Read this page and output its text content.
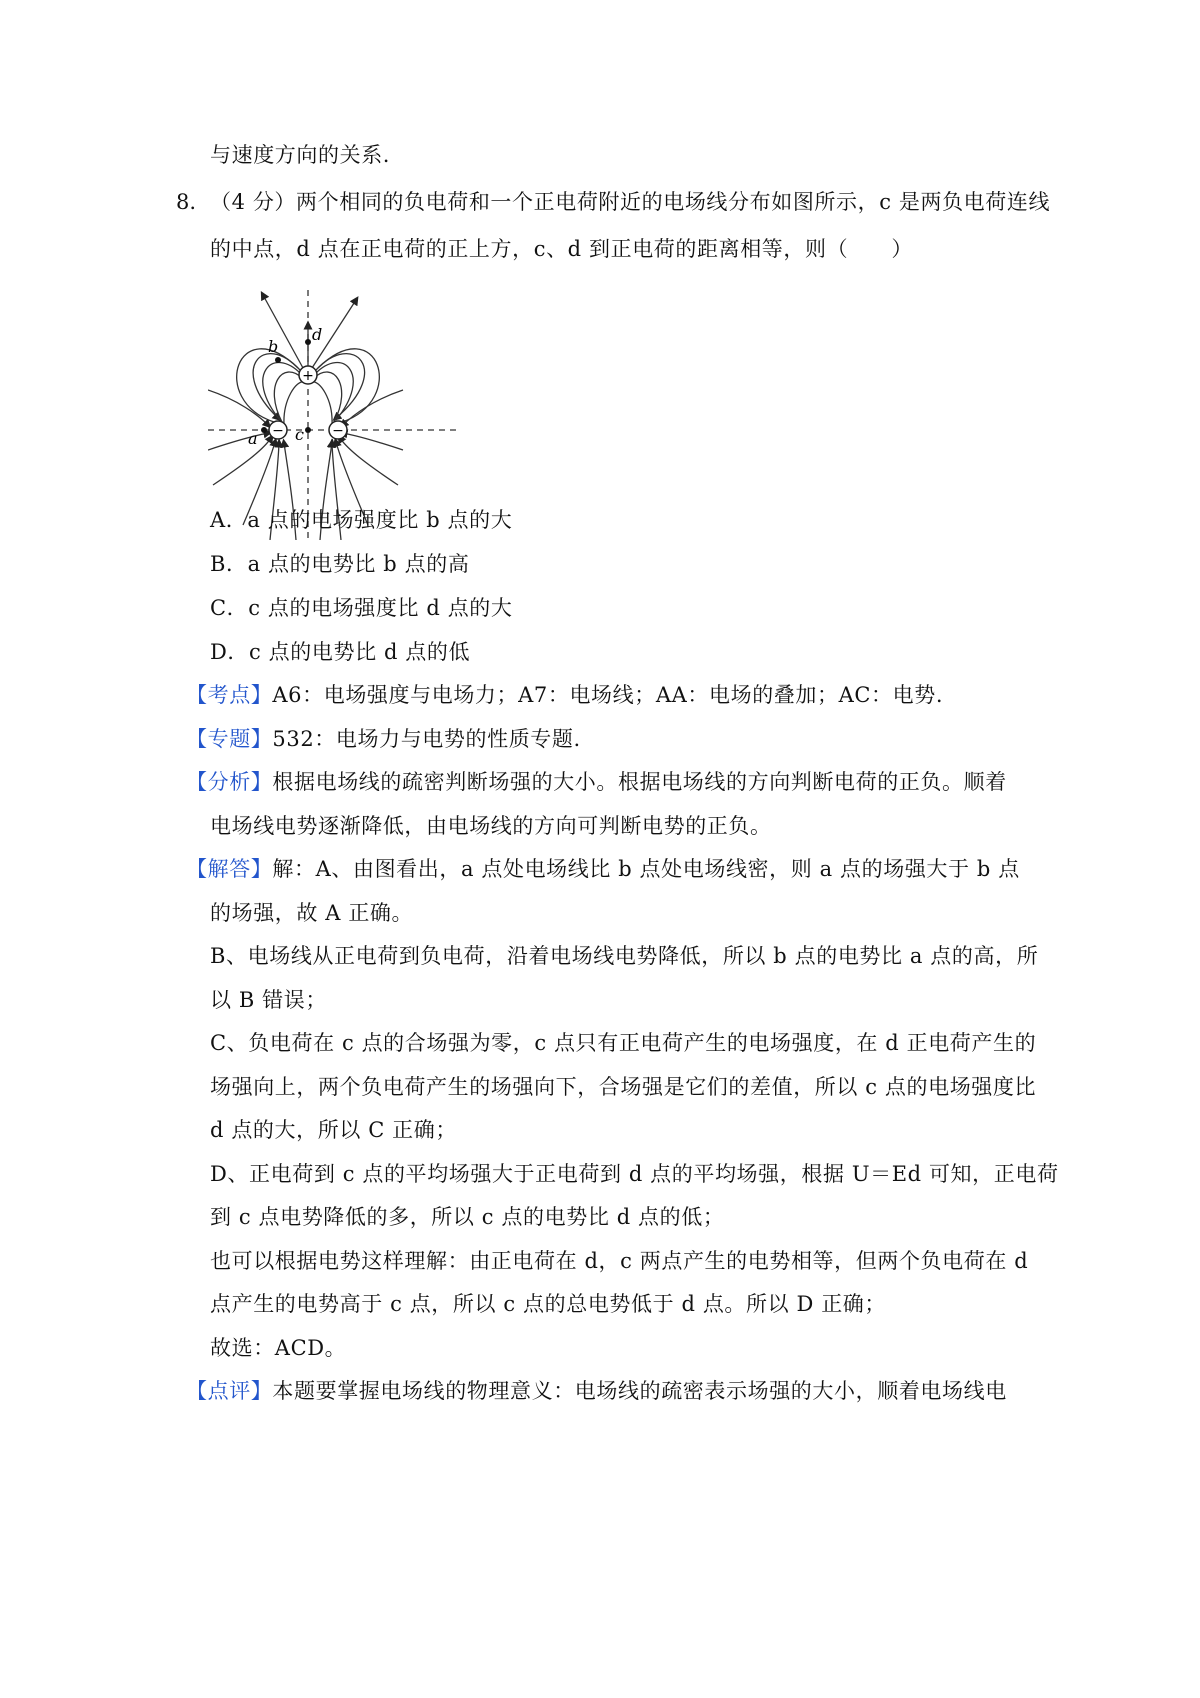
与速度方向的关系.
8. （4 分）两个相同的负电荷和一个正电荷附近的电场线分布如图所示，c 是两负电荷连线
的中点，d 点在正电荷的正上方，c、d 到正电荷的距离相等，则（　　）
+
−	−
d
b
a c
A．a 点的电场强度比 b 点的大
B．a 点的电势比 b 点的高
C．c 点的电场强度比 d 点的大
D．c 点的电势比 d 点的低
【考点】A6：电场强度与电场力；A7：电场线；AA：电场的叠加；AC：电势.
【专题】532：电场力与电势的性质专题.
【分析】根据电场线的疏密判断场强的大小。根据电场线的方向判断电荷的正负。顺着
电场线电势逐渐降低，由电场线的方向可判断电势的正负。
【解答】解：A、由图看出，a 点处电场线比 b 点处电场线密，则 a 点的场强大于 b 点
的场强，故 A 正确。
B、电场线从正电荷到负电荷，沿着电场线电势降低，所以 b 点的电势比 a 点的高，所
以 B 错误；
C、负电荷在 c 点的合场强为零，c 点只有正电荷产生的电场强度，在 d 正电荷产生的
场强向上，两个负电荷产生的场强向下，合场强是它们的差值，所以 c 点的电场强度比
d 点的大，所以 C 正确；
D、正电荷到 c 点的平均场强大于正电荷到 d 点的平均场强，根据 U＝Ed 可知，正电荷
到 c 点电势降低的多，所以 c 点的电势比 d 点的低；
也可以根据电势这样理解：由正电荷在 d，c 两点产生的电势相等，但两个负电荷在 d
点产生的电势高于 c 点，所以 c 点的总电势低于 d 点。所以 D 正确；
故选：ACD。
【点评】本题要掌握电场线的物理意义：电场线的疏密表示场强的大小，顺着电场线电
